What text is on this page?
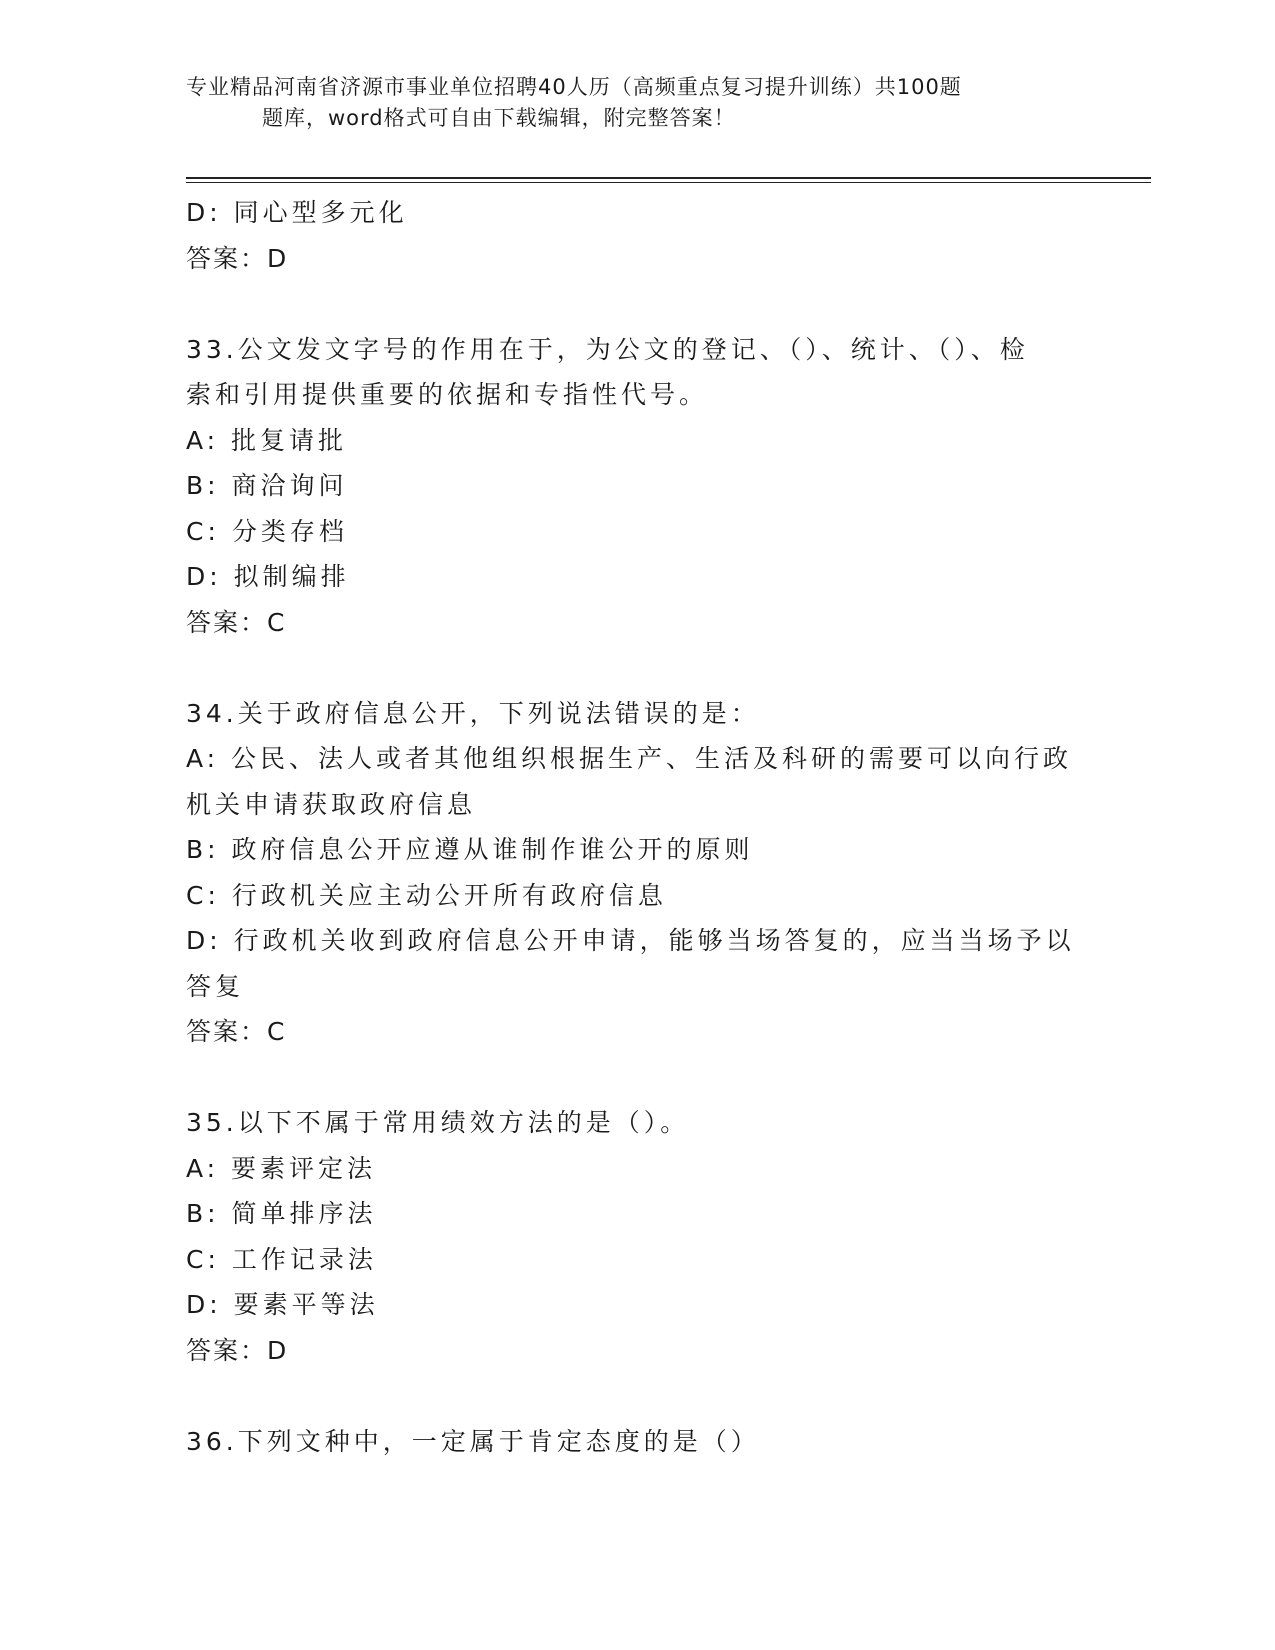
专业精品河南省济源市事业单位招聘40人历（高频重点复习提升训练）共100题
题库，word格式可自由下载编辑，附完整答案！
D: 同心型多元化
答案：D
33.公文发文字号的作用在于，为公文的登记、（）、统计、（）、检
索和引用提供重要的依据和专指性代号。
A: 批复请批
B: 商洽询问
C: 分类存档
D: 拟制编排
答案：C
34.关于政府信息公开，下列说法错误的是：
A: 公民、法人或者其他组织根据生产、生活及科研的需要可以向行政
机关申请获取政府信息
B: 政府信息公开应遵从谁制作谁公开的原则
C: 行政机关应主动公开所有政府信息
D: 行政机关收到政府信息公开申请，能够当场答复的，应当当场予以
答复
答案：C
35.以下不属于常用绩效方法的是（）。
A: 要素评定法
B: 简单排序法
C: 工作记录法
D: 要素平等法
答案：D
36.下列文种中，一定属于肯定态度的是（）
